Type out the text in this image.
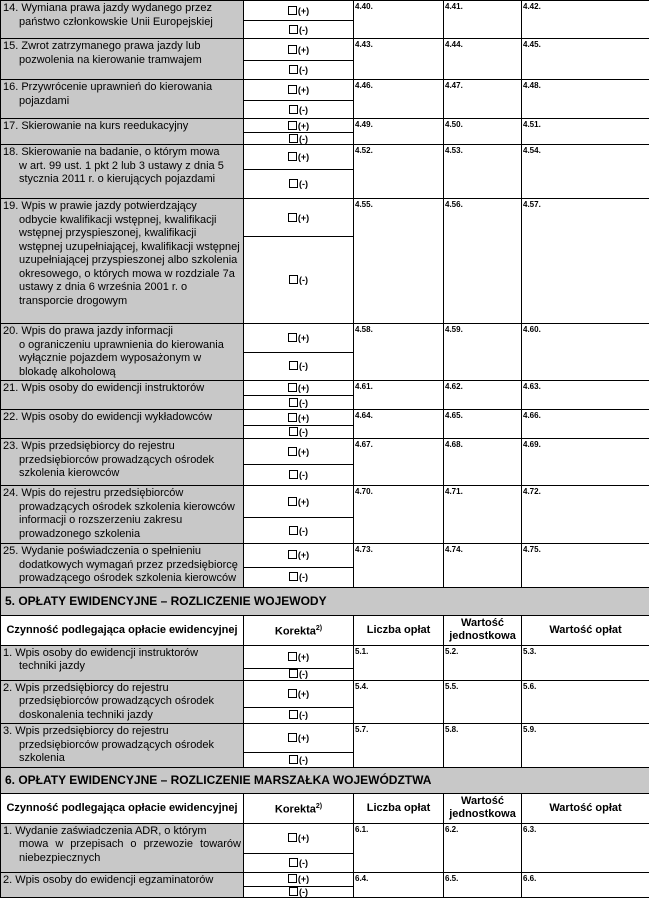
14. Wymiana prawa jazdy wydanego przez
państwo członkowskie Unii Europejskiej	(+)	4.40.	4.41.	4.42.
	(-)			
15. Zwrot zatrzymanego prawa jazdy lub
pozwolenia na kierowanie tramwajem	(+)	4.43.	4.44.	4.45.
	(-)			
16. Przywrócenie uprawnień do kierowania
pojazdami	(+)	4.46.	4.47.	4.48.
	(-)			
17. Skierowanie na kurs reedukacyjny	(+)	4.49.	4.50.	4.51.
	(-)			
18. Skierowanie na badanie, o którym mowa
w art. 99 ust. 1 pkt 2 lub 3 ustawy z dnia 5 stycznia 2011 r. o kierujących pojazdami	(+)	4.52.	4.53.	4.54.
	(-)			
19. Wpis w prawie jazdy potwierdzający
odbycie kwalifikacji wstępnej, kwalifikacji wstępnej przyspieszonej, kwalifikacji wstępnej uzupełniającej, kwalifikacji wstępnej uzupełniającej przyspieszonej albo szkolenia okresowego, o których mowa w rozdziale 7a ustawy z dnia 6 września 2001 r. o transporcie drogowym	(+)	4.55.	4.56.	4.57.
	(-)			
20. Wpis do prawa jazdy informacji
o ograniczeniu uprawnienia do kierowania wyłącznie pojazdem wyposażonym w blokadę alkoholową	(+)	4.58.	4.59.	4.60.
	(-)			
21. Wpis osoby do ewidencji instruktorów	(+)	4.61.	4.62.	4.63.
	(-)			
22. Wpis osoby do ewidencji wykładowców	(+)	4.64.	4.65.	4.66.
	(-)			
23. Wpis przedsiębiorcy do rejestru
przedsiębiorców prowadzących ośrodek szkolenia kierowców	(+)	4.67.	4.68.	4.69.
	(-)			
24. Wpis do rejestru przedsiębiorców
prowadzących ośrodek szkolenia kierowców informacji o rozszerzeniu zakresu prowadzonego szkolenia	(+)	4.70.	4.71.	4.72.
	(-)			
25. Wydanie poświadczenia o spełnieniu
dodatkowych wymagań przez przedsiębiorcę prowadzącego ośrodek szkolenia kierowców	(+)	4.73.	4.74.	4.75.
	(-)			
5. OPŁATY EWIDENCYJNE – ROZLICZENIE WOJEWODY				
Czynność podlegająca opłacie ewidencyjnej	Korekta$^{2)}$	Liczba opłat	Wartość jednostkowa	Wartość opłat
1. Wpis osoby do ewidencji instruktorów
techniki jazdy	(+)	5.1.	5.2.	5.3.
	(-)			
2. Wpis przedsiębiorcy do rejestru
przedsiębiorców prowadzących ośrodek doskonalenia techniki jazdy	(+)	5.4.	5.5.	5.6.
	(-)			
3. Wpis przedsiębiorcy do rejestru
przedsiębiorców prowadzących ośrodek szkolenia	(+)	5.7.	5.8.	5.9.
	(-)			
6. OPŁATY EWIDENCYJNE – ROZLICZENIE MARSZAŁKA WOJEWÓDZTWA				
Czynność podlegająca opłacie ewidencyjnej	Korekta$^{2)}$	Liczba opłat	Wartość jednostkowa	Wartość opłat
1. Wydanie zaświadczenia ADR, o którym
mowa w przepisach o przewozie towarów niebezpiecznych	(+)	6.1.	6.2.	6.3.
	(-)			
2. Wpis osoby do ewidencji egzaminatorów	(+)	6.4.	6.5.	6.6.
	(-)			
